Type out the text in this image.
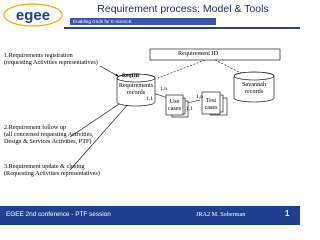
egee	Requirement process: Model & Tools
Enabling Grids for E-sciencE
1.Requirements registration
(requesting Activities representatives)
Requirement ID
ReqDB
Requirements
records
Savannah
records
1,n
1,1	1,n
1,1
Use
cases
Test
cases
2.Requirement follow up
(all concerned requesting Activities,
Design & Services Activities, PTF)
3.Requirement update & closing
(Requesting Activities representatives)
EGEE 2nd conference - PTF session	JRA2 M. Soberman	1
